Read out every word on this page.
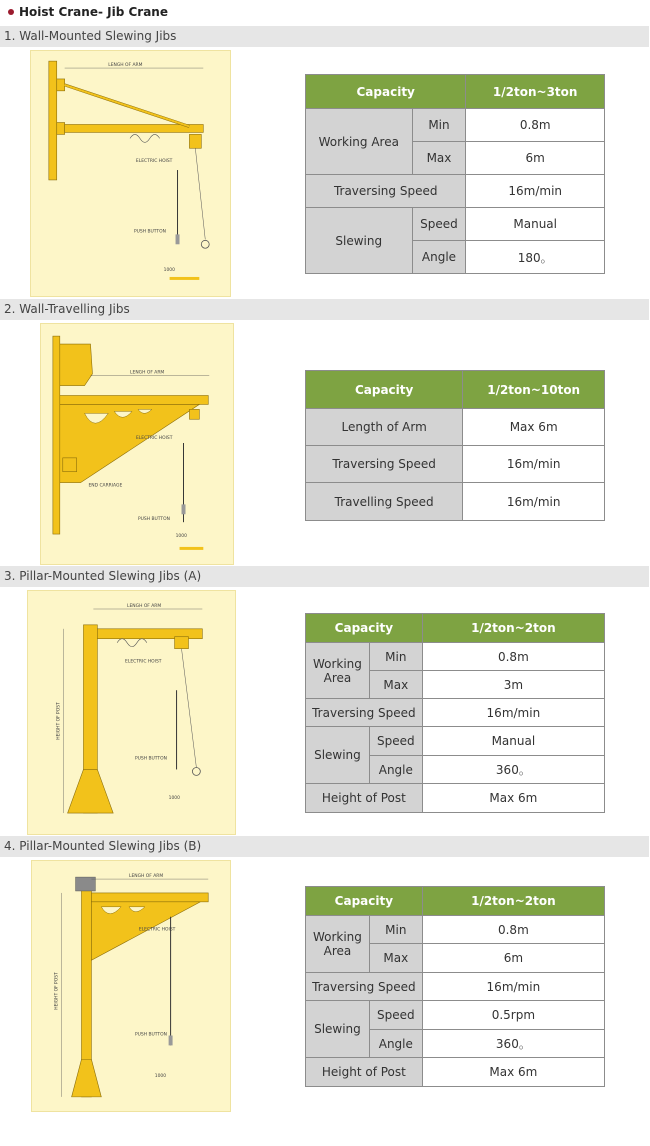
Hoist Crane- Jib Crane
1. Wall-Mounted Slewing Jibs
LENGH OF ARM
ELECTRIC HOIST
PUSH BUTTON
1000
Capacity		1/2ton~3ton
Working Area	Min	0.8m
	Max	6m
Traversing Speed		16m/min
Slewing	Speed	Manual
	Angle	180。
2. Wall-Travelling Jibs
LENGH OF ARM
ELECTRIC HOIST
END CARRIAGE
PUSH BUTTON
1000
Capacity	1/2ton~10ton
Length of Arm	Max 6m
Traversing Speed	16m/min
Travelling Speed	16m/min
3. Pillar-Mounted Slewing Jibs (A)
LENGH OF ARM
ELECTRIC HOIST
PUSH BUTTON
HEIGHT OF POST
1000
Capacity		1/2ton~2ton
Working Area	Min	0.8m
	Max	3m
Traversing Speed		16m/min
Slewing	Speed	Manual
	Angle	360。
Height of Post		Max 6m
4. Pillar-Mounted Slewing Jibs (B)
LENGH OF ARM
ELECTRIC HOIST
PUSH BUTTON
HEIGHT OF POST
1000
Capacity		1/2ton~2ton
Working Area	Min	0.8m
	Max	6m
Traversing Speed		16m/min
Slewing	Speed	0.5rpm
	Angle	360。
Height of Post		Max 6m
